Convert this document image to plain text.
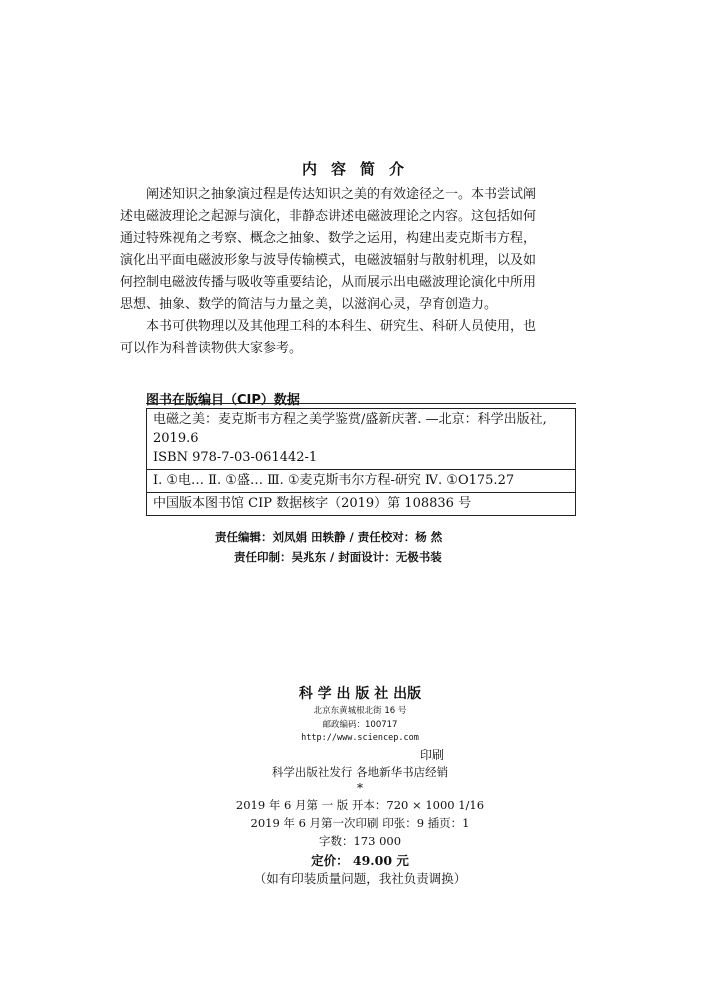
内容简介
阐述知识之抽象演过程是传达知识之美的有效途径之一。本书尝试阐
述电磁波理论之起源与演化，非静态讲述电磁波理论之内容。这包括如何
通过特殊视角之考察、概念之抽象、数学之运用，构建出麦克斯韦方程，
演化出平面电磁波形象与波导传输模式，电磁波辐射与散射机理，以及如
何控制电磁波传播与吸收等重要结论，从而展示出电磁波理论演化中所用
思想、抽象、数学的简洁与力量之美，以滋润心灵，孕育创造力。
本书可供物理以及其他理工科的本科生、研究生、科研人员使用，也
可以作为科普读物供大家参考。
图书在版编目（CIP）数据
电磁之美：麦克斯韦方程之美学鉴赏/盛新庆著. —北京：科学出版社,
2019.6
ISBN 978-7-03-061442-1
Ⅰ. ①电… Ⅱ. ①盛… Ⅲ. ①麦克斯韦尔方程-研究 Ⅳ. ①O175.27
中国版本图书馆 CIP 数据核字（2019）第 108836 号
责任编辑：刘凤娟 田轶静 / 责任校对：杨 然
责任印制：吴兆东 / 封面设计：无极书装
科 学 出 版 社 出版
北京东黄城根北街 16 号
邮政编码：100717
http://www.sciencep.com
印刷
科学出版社发行 各地新华书店经销
*
2019 年 6 月第 一 版 开本：720 × 1000 1/16
2019 年 6 月第一次印刷 印张：9 插页：1
字数：173 000
定价： 49.00 元
（如有印装质量问题，我社负责调换）
